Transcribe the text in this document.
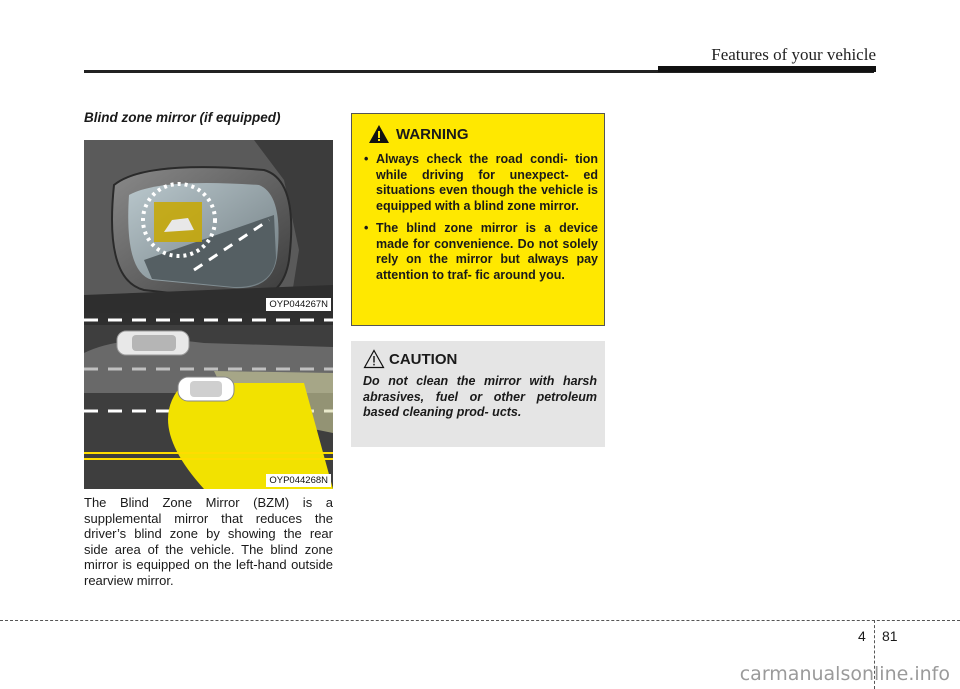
Features of your vehicle
Blind zone mirror (if equipped)
OYP044267N
OYP044268N

The Blind Zone Mirror (BZM) is a supplemental mirror that reduces the driver’s blind zone by showing the rear side area of the vehicle. The blind zone mirror is equipped on the left-hand outside rearview mirror.

WARNING
• Always check the road condi- tion while driving for unexpect- ed situations even though the vehicle is equipped with a blind zone mirror.
• The blind zone mirror is a device made for convenience. Do not solely rely on the mirror but always pay attention to traf- fic around you.
CAUTION
Do not clean the mirror with harsh abrasives, fuel or other petroleum based cleaning prod- ucts.
4 81
carmanualsonline.info
